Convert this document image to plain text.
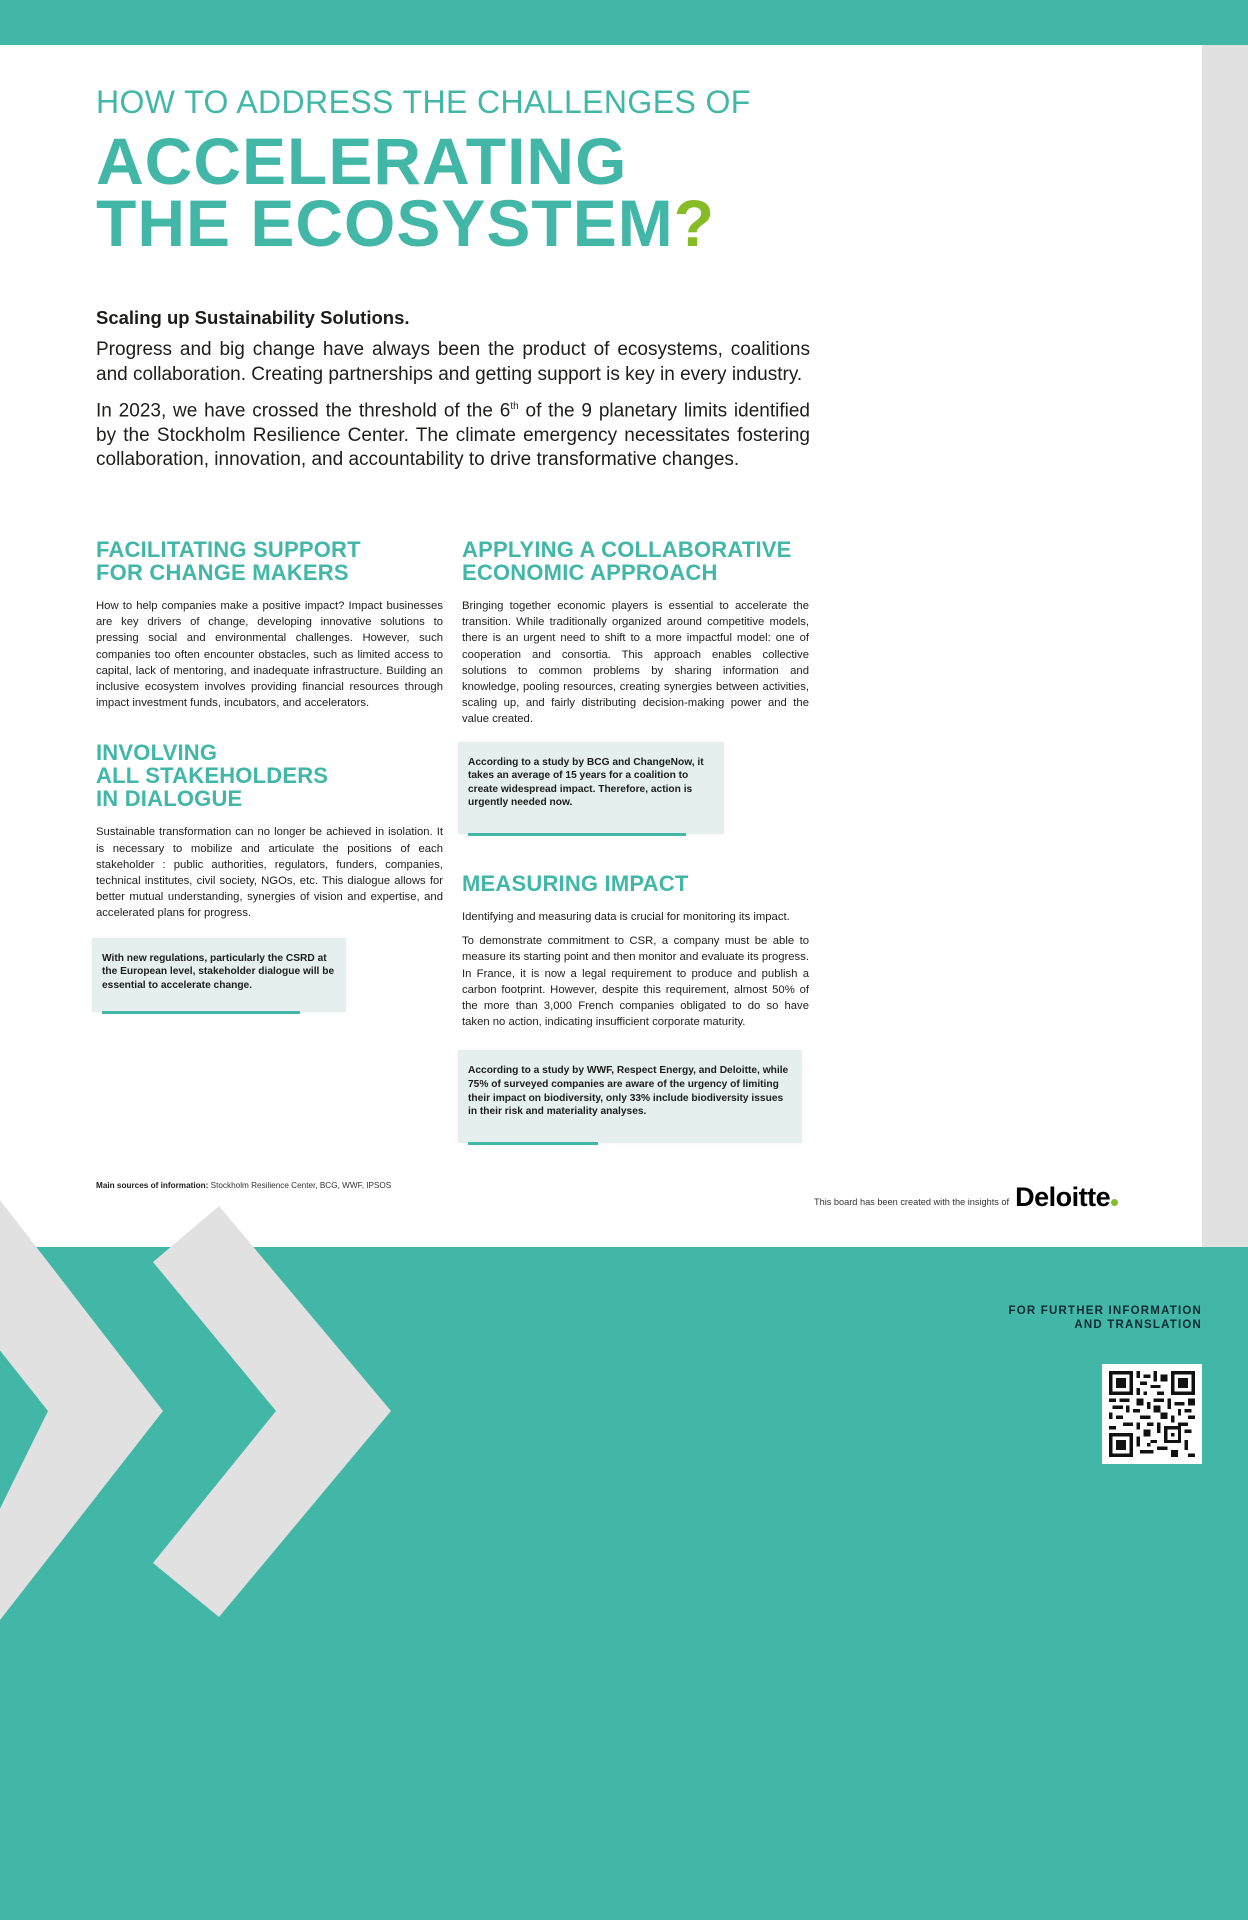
HOW TO ADDRESS THE CHALLENGES OF
ACCELERATING
THE ECOSYSTEM?
Scaling up Sustainability Solutions.

Progress and big change have always been the product of ecosystems, coalitions and collaboration. Creating partnerships and getting support is key in every industry.

In 2023, we have crossed the threshold of the 6th of the 9 planetary limits identified by the Stockholm Resilience Center. The climate emergency necessitates fostering collaboration, innovation, and accountability to drive transformative changes.

FACILITATING SUPPORT
FOR CHANGE MAKERS

How to help companies make a positive impact? Impact businesses are key drivers of change, developing innovative solutions to pressing social and environmental challenges. However, such companies too often encounter obstacles, such as limited access to capital, lack of mentoring, and inadequate infrastructure. Building an inclusive ecosystem involves providing financial resources through impact investment funds, incubators, and accelerators.

INVOLVING
ALL STAKEHOLDERS
IN DIALOGUE

Sustainable transformation can no longer be achieved in isolation. It is necessary to mobilize and articulate the positions of each stakeholder : public authorities, regulators, funders, companies, technical institutes, civil society, NGOs, etc. This dialogue allows for better mutual understanding, synergies of vision and expertise, and accelerated plans for progress.

With new regulations, particularly the CSRD at the European level, stakeholder dialogue will be essential to accelerate change.
APPLYING A COLLABORATIVE
ECONOMIC APPROACH

Bringing together economic players is essential to accelerate the transition. While traditionally organized around competitive models, there is an urgent need to shift to a more impactful model: one of cooperation and consortia. This approach enables collective solutions to common problems by sharing information and knowledge, pooling resources, creating synergies between activities, scaling up, and fairly distributing decision-making power and the value created.

According to a study by BCG and ChangeNow, it takes an average of 15 years for a coalition to create widespread impact. Therefore, action is urgently needed now.
MEASURING IMPACT

Identifying and measuring data is crucial for monitoring its impact.

To demonstrate commitment to CSR, a company must be able to measure its starting point and then monitor and evaluate its progress. In France, it is now a legal requirement to produce and publish a carbon footprint. However, despite this requirement, almost 50% of the more than 3,000 French companies obligated to do so have taken no action, indicating insufficient corporate maturity.

According to a study by WWF, Respect Energy, and Deloitte, while 75% of surveyed companies are aware of the urgency of limiting their impact on biodiversity, only 33% include biodiversity issues in their risk and materiality analyses.
Main sources of information: Stockholm Resilience Center, BCG, WWF, IPSOS
This board has been created with the insights of Deloitte
FOR FURTHER INFORMATION
AND TRANSLATION
